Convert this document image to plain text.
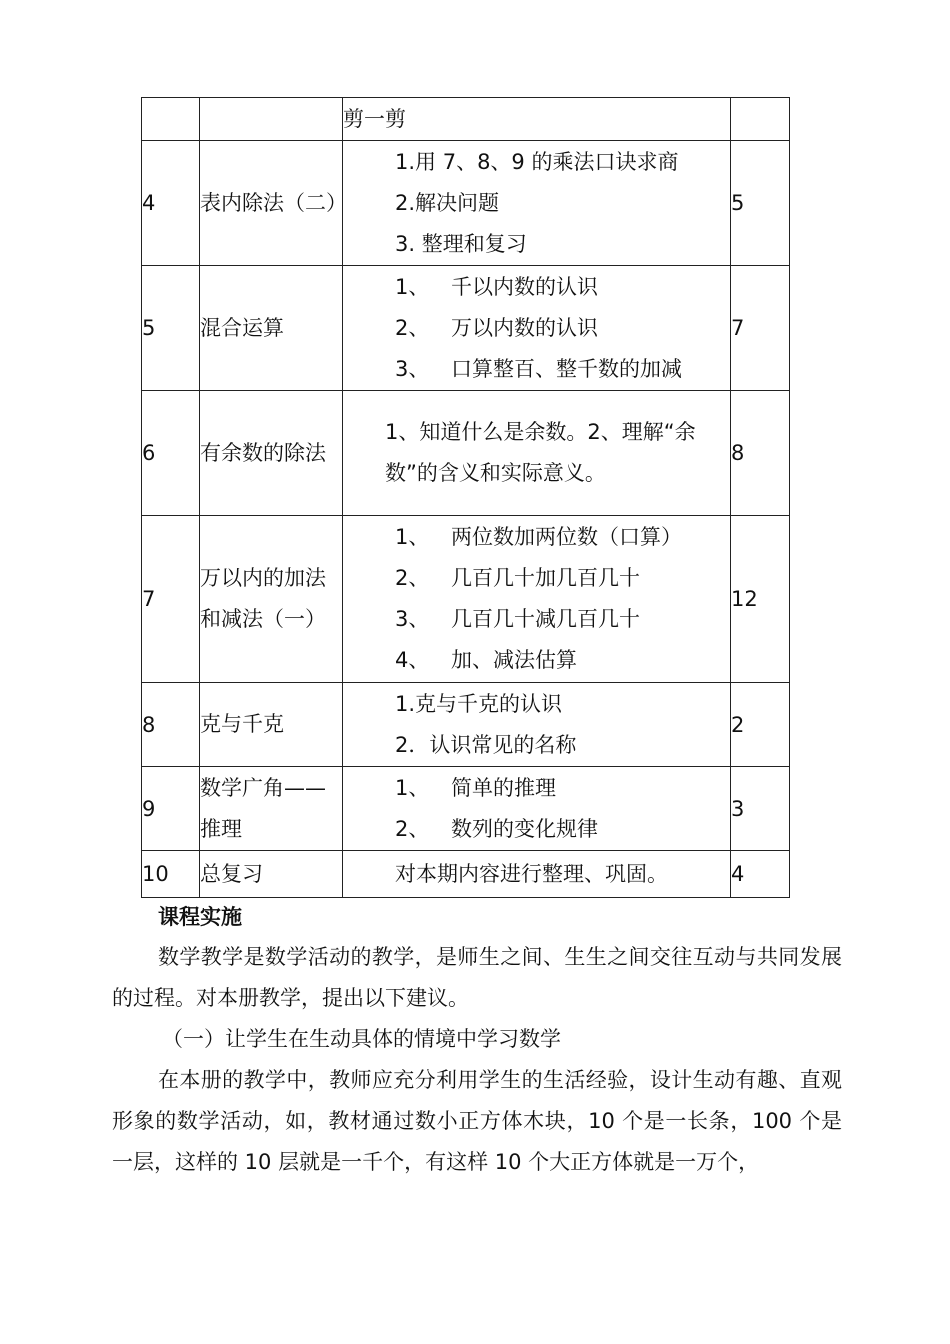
		剪一剪	

4	表内除法（二）	1.用 7、8、9 的乘法口诀求商
2.解决问题
3. 整理和复习	5
5	混合运算	1、 千以内数的认识
2、 万以内数的认识
3、 口算整百、整千数的加减	7
6	有余数的除法	1、知道什么是余数。2、理解“余数”的含义和实际意义。	8
7	万以内的加法和减法（一）	1、 两位数加两位数（口算）
2、 几百几十加几百几十
3、 几百几十减几百几十
4、 加、减法估算	12
8	克与千克	1.克与千克的认识
2．认识常见的名称	2
9	数学广角——推理	1、 简单的推理
2、 数列的变化规律	3
10	总复习	对本期内容进行整理、巩固。	4
课程实施
数学教学是数学活动的教学，是师生之间、生生之间交往互动与共同发展的过程。对本册教学，提出以下建议。
（一）让学生在生动具体的情境中学习数学
在本册的教学中，教师应充分利用学生的生活经验，设计生动有趣、直观形象的数学活动，如，教材通过数小正方体木块，10 个是一长条，100 个是一层，这样的 10 层就是一千个，有这样 10 个大正方体就是一万个，
